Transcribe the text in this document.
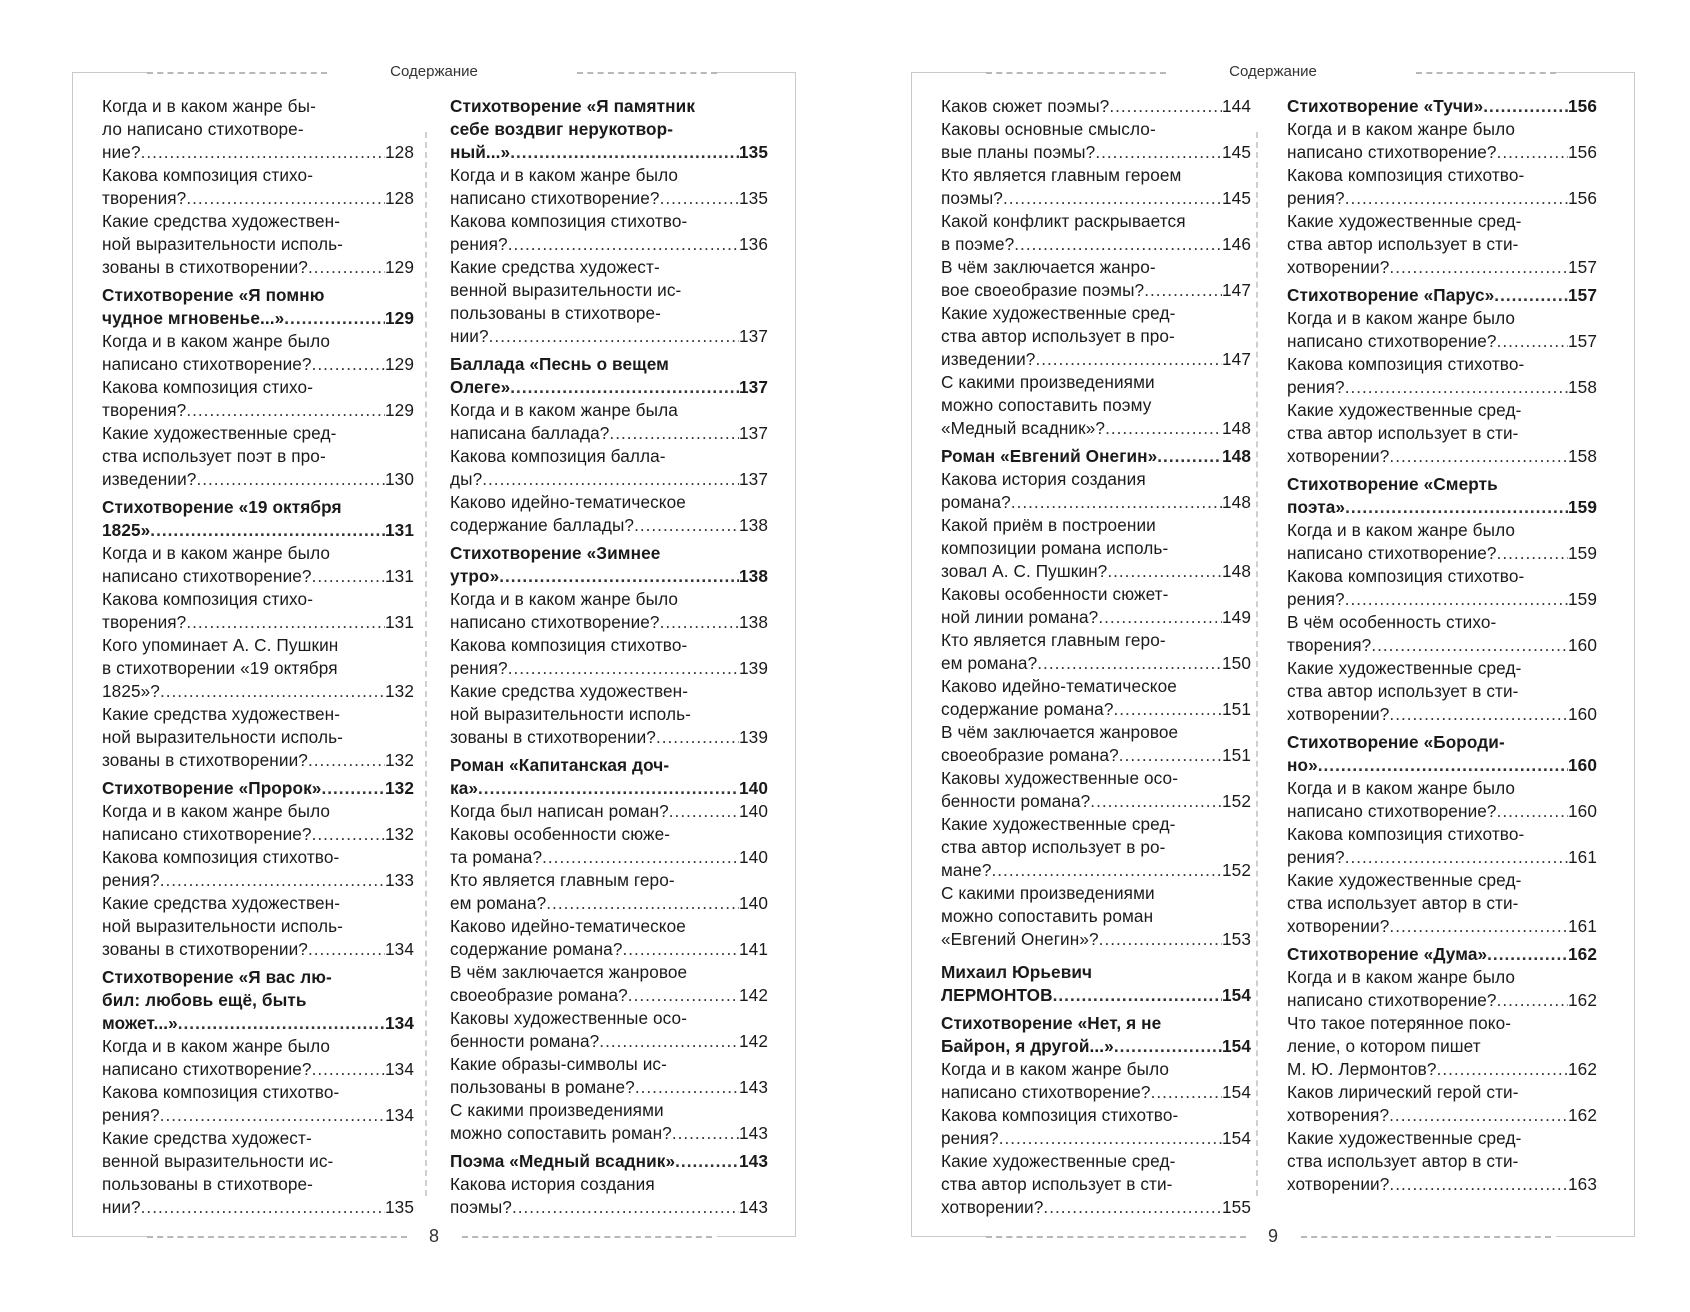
Содержание
8
Когда и в каком жанре бы-
ло написано стихотворе-
ние? .....	128
Какова композиция стихо-
творения? .....	128
Какие средства художествен-
ной выразительности исполь-
зованы в стихотворении? .....	129
Стихотворение «Я помню
чудное мгновенье...» .....	129
Когда и в каком жанре было
написано стихотворение? .....	129
Какова композиция стихо-
творения? .....	129
Какие художественные сред-
ства использует поэт в про-
изведении? .....	130
Стихотворение «19 октября
1825» .....	131
Когда и в каком жанре было
написано стихотворение? .....	131
Какова композиция стихо-
творения? .....	131
Кого упоминает А. С. Пушкин
в стихотворении «19 октября
1825»? .....	132
Какие средства художествен-
ной выразительности исполь-
зованы в стихотворении? .....	132
Стихотворение «Пророк» .....	132
Когда и в каком жанре было
написано стихотворение? .....	132
Какова композиция стихотво-
рения? .....	133
Какие средства художествен-
ной выразительности исполь-
зованы в стихотворении? .....	134
Стихотворение «Я вас лю-
бил: любовь ещё, быть
может...» .....	134
Когда и в каком жанре было
написано стихотворение? .....	134
Какова композиция стихотво-
рения? .....	134
Какие средства художест-
венной выразительности ис-
пользованы в стихотворе-
нии? .....	135
Стихотворение «Я памятник
себе воздвиг нерукотвор-
ный...» .....	135
Когда и в каком жанре было
написано стихотворение? .....	135
Какова композиция стихотво-
рения? .....	136
Какие средства художест-
венной выразительности ис-
пользованы в стихотворе-
нии? .....	137
Баллада «Песнь о вещем
Олеге» .....	137
Когда и в каком жанре была
написана баллада? .....	137
Какова композиция балла-
ды? .....	137
Каково идейно-тематическое
содержание баллады? .....	138
Стихотворение «Зимнее
утро» .....	138
Когда и в каком жанре было
написано стихотворение? .....	138
Какова композиция стихотво-
рения? .....	139
Какие средства художествен-
ной выразительности исполь-
зованы в стихотворении? .....	139
Роман «Капитанская доч-
ка» .....	140
Когда был написан роман? .....	140
Каковы особенности сюже-
та романа? .....	140
Кто является главным геро-
ем романа? .....	140
Каково идейно-тематическое
содержание романа? .....	141
В чём заключается жанровое
своеобразие романа? .....	142
Каковы художественные осо-
бенности романа? .....	142
Какие образы-символы ис-
пользованы в романе? .....	143
С какими произведениями
можно сопоставить роман? .....	143
Поэма «Медный всадник» .....	143
Какова история создания
поэмы? .....	143
Содержание
9
Каков сюжет поэмы? .....	144
Каковы основные смысло-
вые планы поэмы? .....	145
Кто является главным героем
поэмы? .....	145
Какой конфликт раскрывается
в поэме? .....	146
В чём заключается жанро-
вое своеобразие поэмы? .....	147
Какие художественные сред-
ства автор использует в про-
изведении? .....	147
С какими произведениями
можно сопоставить поэму
«Медный всадник»? .....	148
Роман «Евгений Онегин» .....	148
Какова история создания
романа? .....	148
Какой приём в построении
композиции романа исполь-
зовал А. С. Пушкин? .....	148
Каковы особенности сюжет-
ной линии романа? .....	149
Кто является главным геро-
ем романа? .....	150
Каково идейно-тематическое
содержание романа? .....	151
В чём заключается жанровое
своеобразие романа? .....	151
Каковы художественные осо-
бенности романа? .....	152
Какие художественные сред-
ства автор использует в ро-
мане? .....	152
С какими произведениями
можно сопоставить роман
«Евгений Онегин»? .....	153
Михаил Юрьевич
ЛЕРМОНТОВ .....	154
Стихотворение «Нет, я не
Байрон, я другой...» .....	154
Когда и в каком жанре было
написано стихотворение? .....	154
Какова композиция стихотво-
рения? .....	154
Какие художественные сред-
ства автор использует в сти-
хотворении? .....	155
Стихотворение «Тучи» .....	156
Когда и в каком жанре было
написано стихотворение? .....	156
Какова композиция стихотво-
рения? .....	156
Какие художественные сред-
ства автор использует в сти-
хотворении? .....	157
Стихотворение «Парус» .....	157
Когда и в каком жанре было
написано стихотворение? .....	157
Какова композиция стихотво-
рения? .....	158
Какие художественные сред-
ства автор использует в сти-
хотворении? .....	158
Стихотворение «Смерть
поэта» .....	159
Когда и в каком жанре было
написано стихотворение? .....	159
Какова композиция стихотво-
рения? .....	159
В чём особенность стихо-
творения? .....	160
Какие художественные сред-
ства автор использует в сти-
хотворении? .....	160
Стихотворение «Бороди-
но» .....	160
Когда и в каком жанре было
написано стихотворение? .....	160
Какова композиция стихотво-
рения? .....	161
Какие художественные сред-
ства использует автор в сти-
хотворении? .....	161
Стихотворение «Дума» .....	162
Когда и в каком жанре было
написано стихотворение? .....	162
Что такое потерянное поко-
ление, о котором пишет
М. Ю. Лермонтов? .....	162
Каков лирический герой сти-
хотворения? .....	162
Какие художественные сред-
ства использует автор в сти-
хотворении? .....	163
